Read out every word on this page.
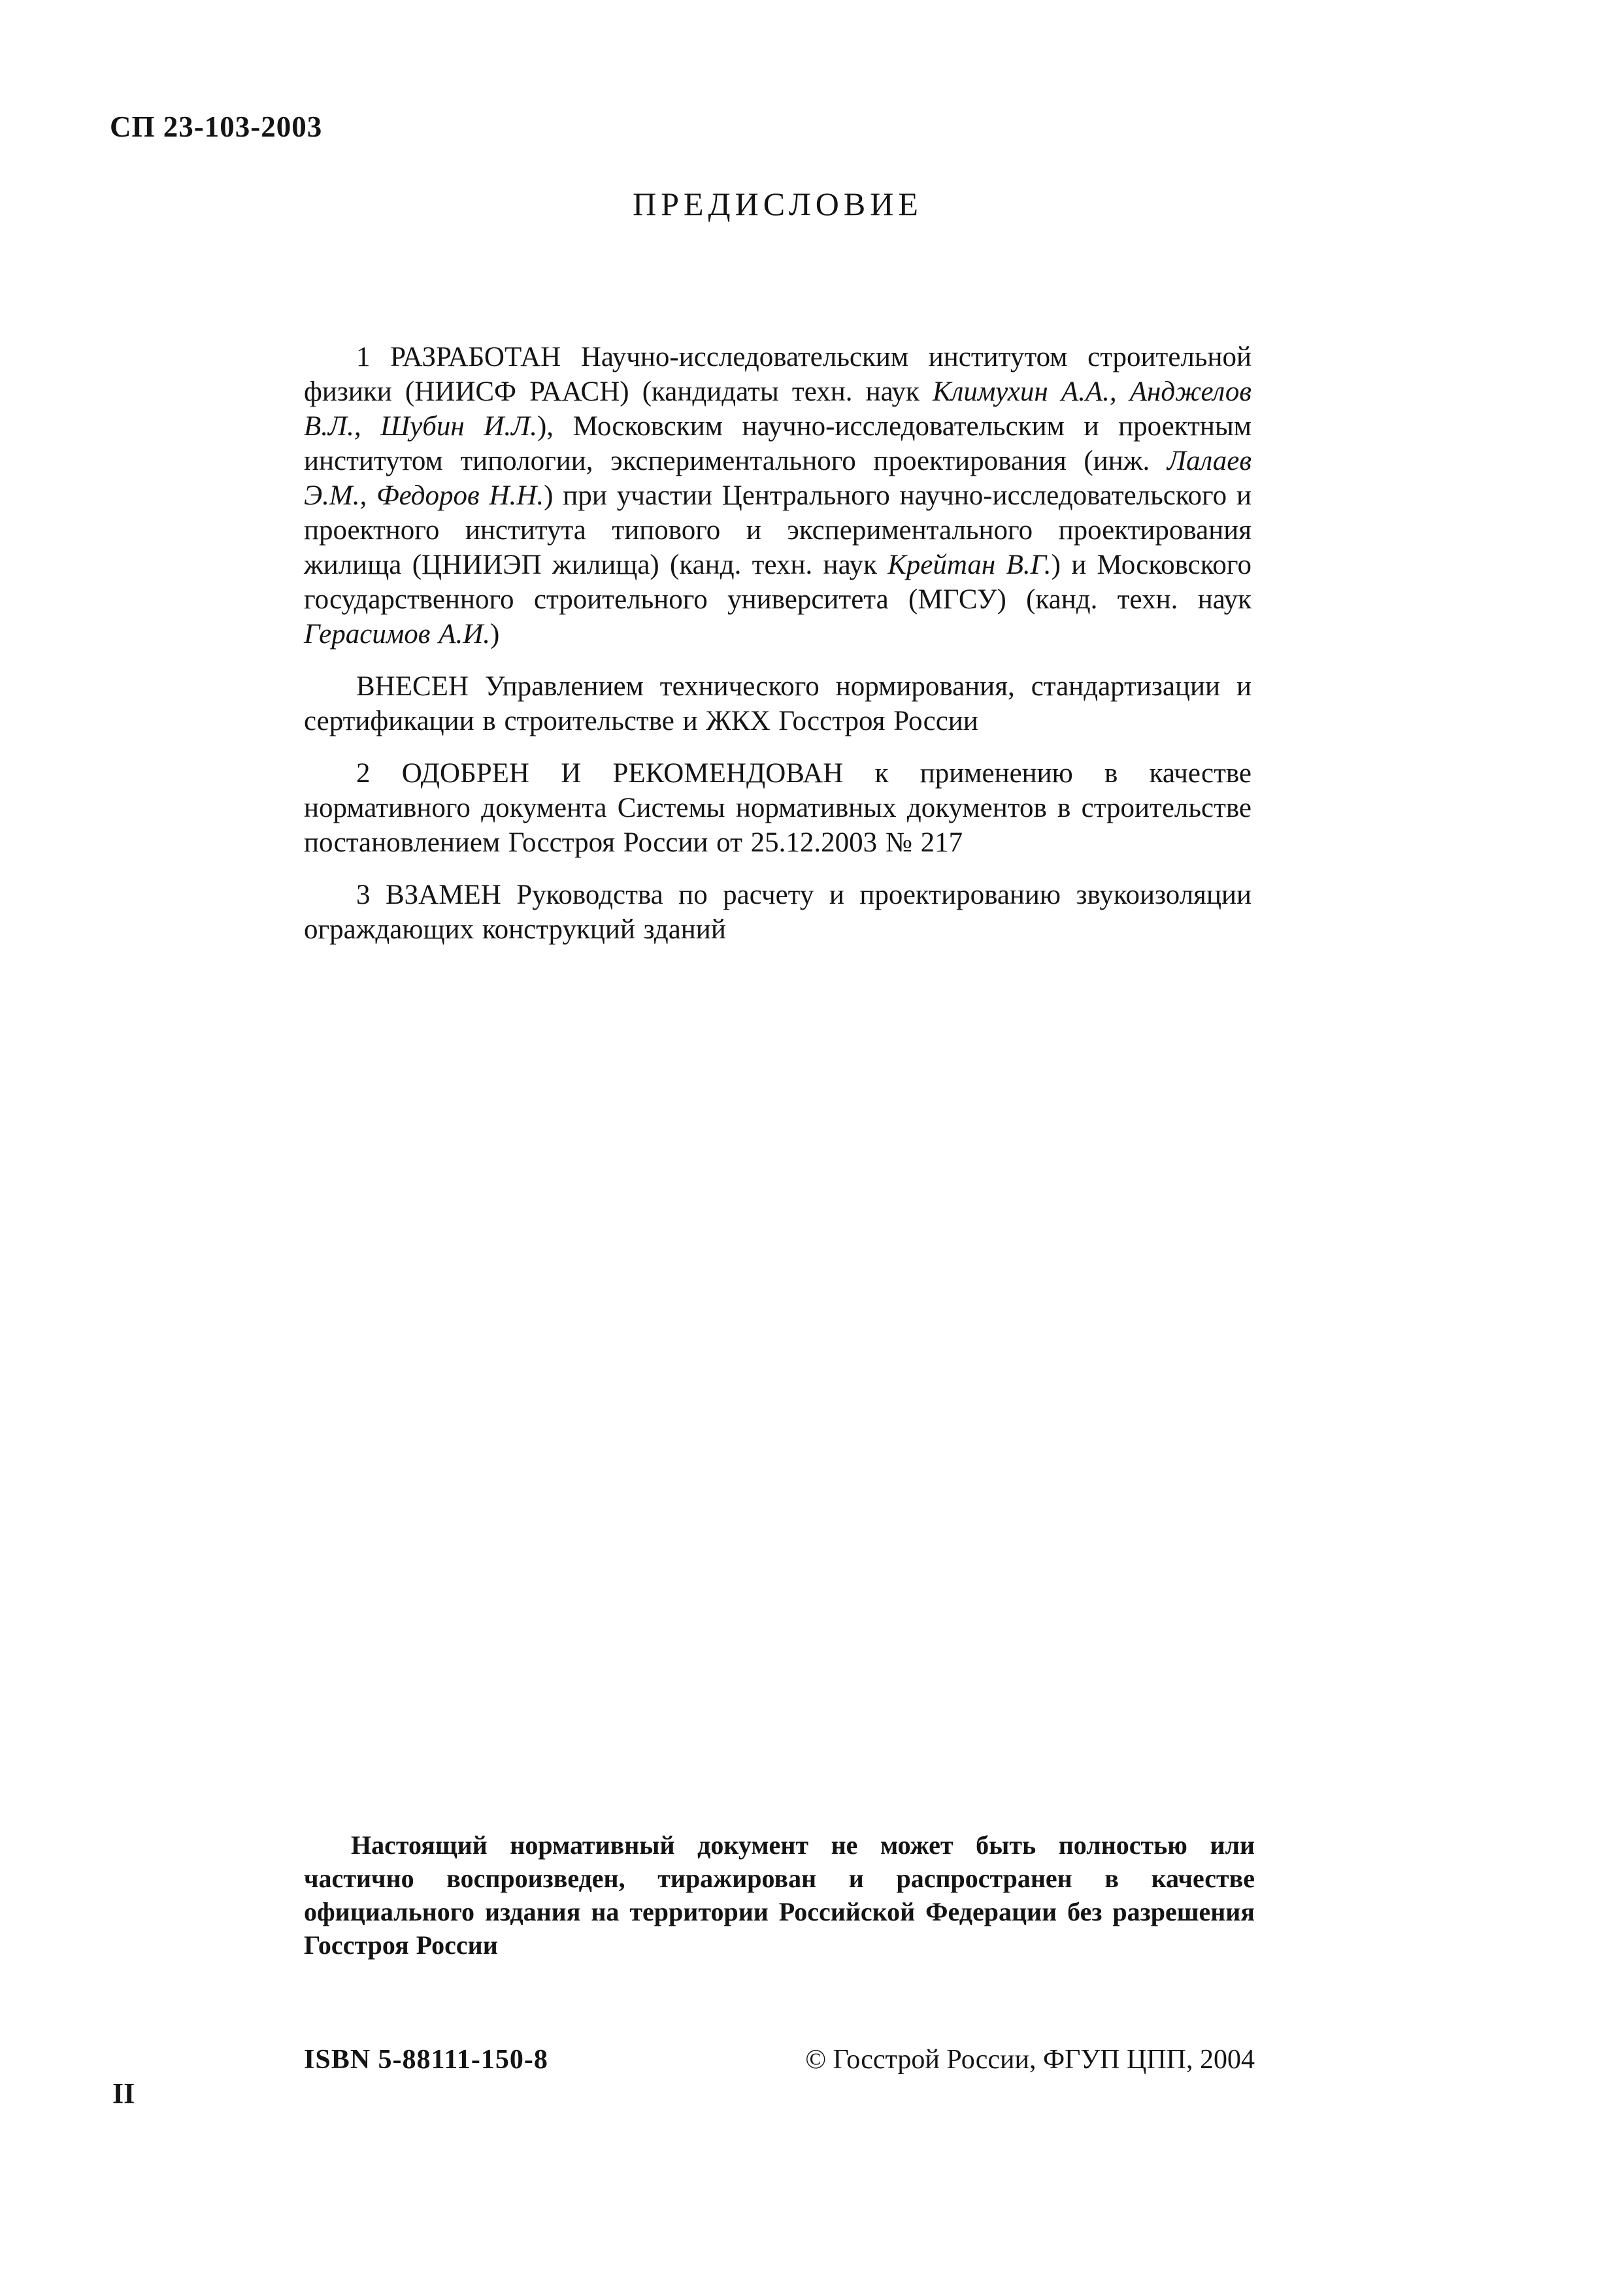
СП 23-103-2003
ПРЕДИСЛОВИЕ

1 РАЗРАБОТАН Научно-исследовательским институтом строительной физики (НИИСФ РААСН) (кандидаты техн. наук Климухин А.А., Анджелов В.Л., Шубин И.Л.), Московским научно-исследовательским и проектным институтом типологии, экспериментального проектирования (инж. Лалаев Э.М., Федоров Н.Н.) при участии Центрального научно-исследовательского и проектного института типового и экспериментального проектирования жилища (ЦНИИЭП жилища) (канд. техн. наук Крейтан В.Г.) и Московского государственного строительного университета (МГСУ) (канд. техн. наук Герасимов А.И.)

ВНЕСЕН Управлением технического нормирования, стандартизации и сертификации в строительстве и ЖКХ Госстроя России

2 ОДОБРЕН И РЕКОМЕНДОВАН к применению в качестве нормативного документа Системы нормативных документов в строительстве постановлением Госстроя России от 25.12.2003 № 217

3 ВЗАМЕН Руководства по расчету и проектированию звукоизоляции ограждающих конструкций зданий

Настоящий нормативный документ не может быть полностью или частично воспроизведен, тиражирован и распространен в качестве официального издания на территории Российской Федерации без разрешения Госстроя России
ISBN 5-88111-150-8	© Госстрой России, ФГУП ЦПП, 2004
II
